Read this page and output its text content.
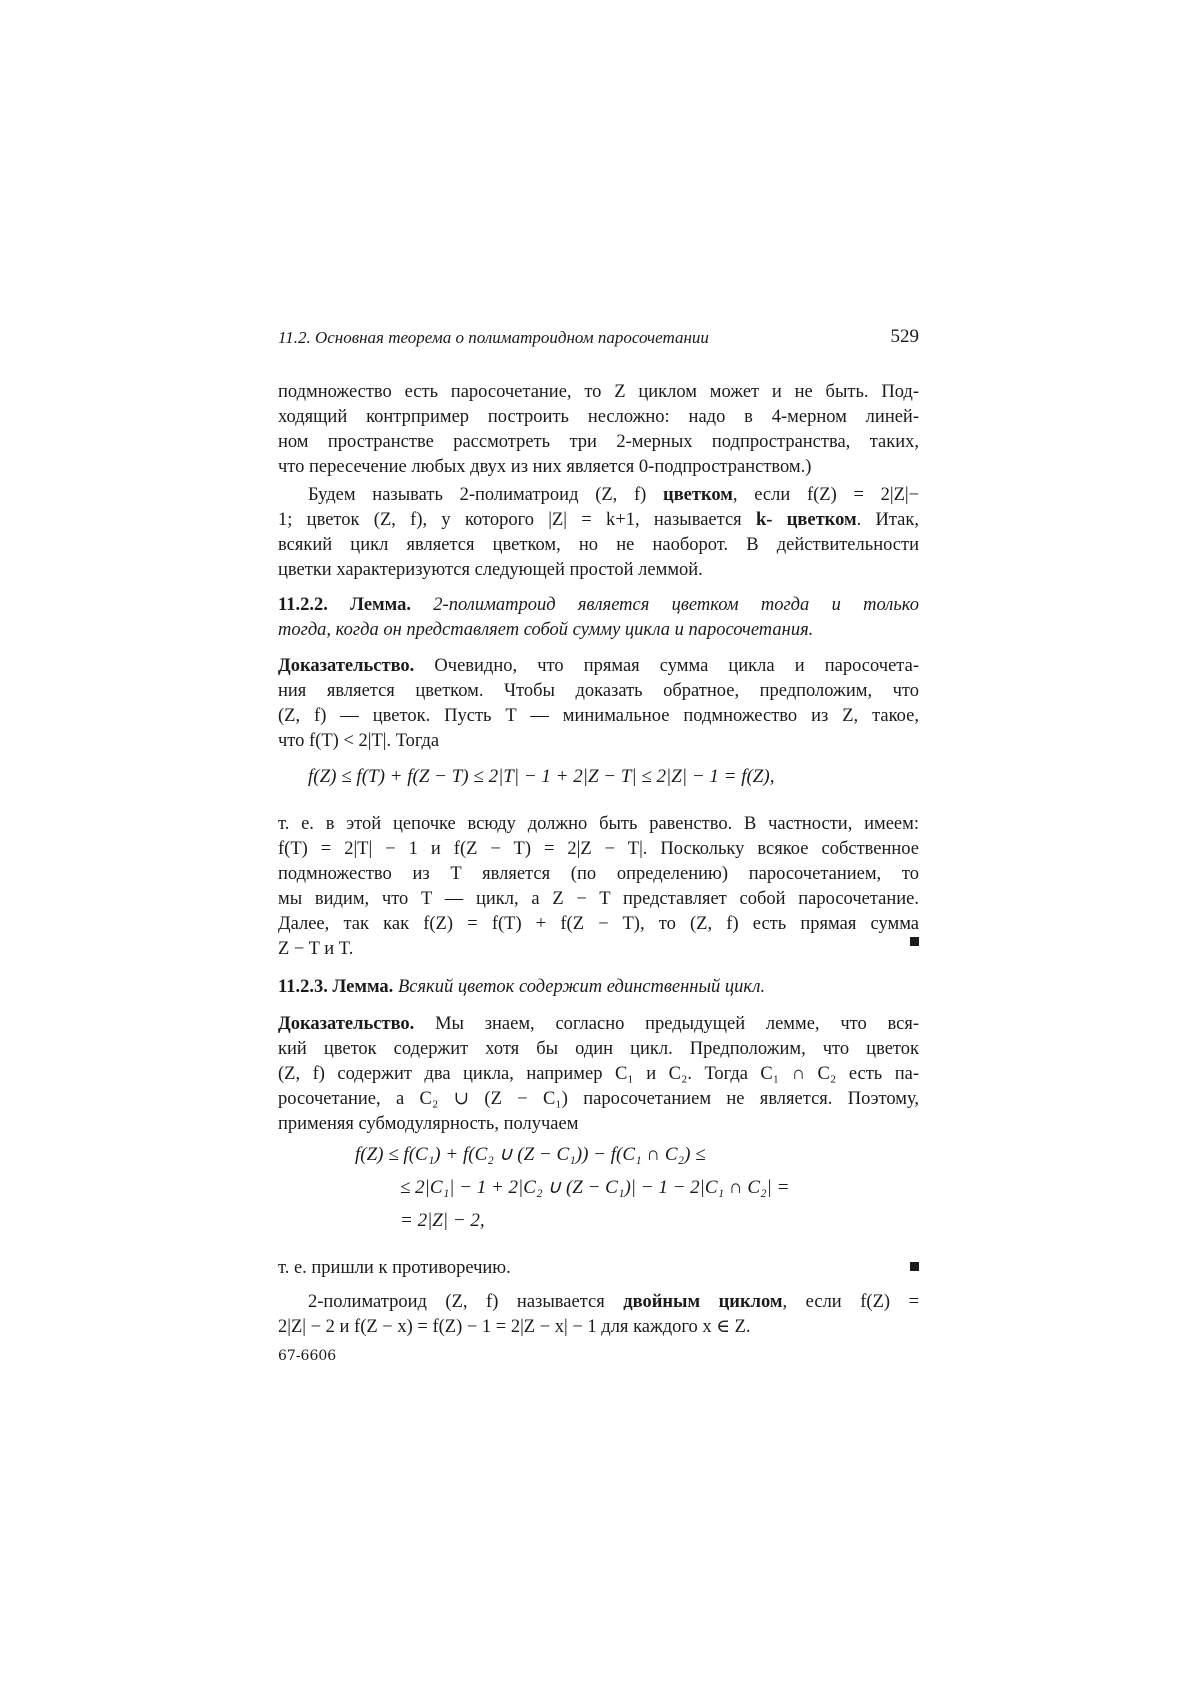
11.2. Основная теорема о полиматроидном паросочетании	529
подмножество есть паросочетание, то Z циклом может и не быть. Под-
ходящий контрпример построить несложно: надо в 4-мерном линей-
ном пространстве рассмотреть три 2-мерных подпространства, таких,
что пересечение любых двух из них является 0-подпространством.)
Будем называть 2-полиматроид (Z, f) цветком, если f(Z) = 2|Z|−
1; цветок (Z, f), у которого |Z| = k+1, называется k- цветком. Итак,
всякий цикл является цветком, но не наоборот. В действительности
цветки характеризуются следующей простой леммой.
11.2.2. Лемма. 2-полиматроид является цветком тогда и только
тогда, когда он представляет собой сумму цикла и паросочетания.
Доказательство. Очевидно, что прямая сумма цикла и паросочета-
ния является цветком. Чтобы доказать обратное, предположим, что
(Z, f) — цветок. Пусть T — минимальное подмножество из Z, такое,
что f(T) < 2|T|. Тогда
f(Z) ≤ f(T) + f(Z − T) ≤ 2|T| − 1 + 2|Z − T| ≤ 2|Z| − 1 = f(Z),
т. е. в этой цепочке всюду должно быть равенство. В частности, имеем:
f(T) = 2|T| − 1 и f(Z − T) = 2|Z − T|. Поскольку всякое собственное
подмножество из T является (по определению) паросочетанием, то
мы видим, что T — цикл, а Z − T представляет собой паросочетание.
Далее, так как f(Z) = f(T) + f(Z − T), то (Z, f) есть прямая сумма
Z − T и T.
11.2.3. Лемма. Всякий цветок содержит единственный цикл.
Доказательство. Мы знаем, согласно предыдущей лемме, что вся-
кий цветок содержит хотя бы один цикл. Предположим, что цветок
(Z, f) содержит два цикла, например C₁ и C₂. Тогда C₁ ∩ C₂ есть па-
росочетание, а C₂ ∪ (Z − C₁) паросочетанием не является. Поэтому,
применяя субмодулярность, получаем
f(Z) ≤ f(C₁) + f(C₂ ∪ (Z − C₁)) − f(C₁ ∩ C₂) ≤
≤ 2|C₁| − 1 + 2|C₂ ∪ (Z − C₁)| − 1 − 2|C₁ ∩ C₂| =
= 2|Z| − 2,
т. е. пришли к противоречию.
2-полиматроид (Z, f) называется двойным циклом, если f(Z) =
2|Z| − 2 и f(Z − x) = f(Z) − 1 = 2|Z − x| − 1 для каждого x ∈ Z.
67-6606
